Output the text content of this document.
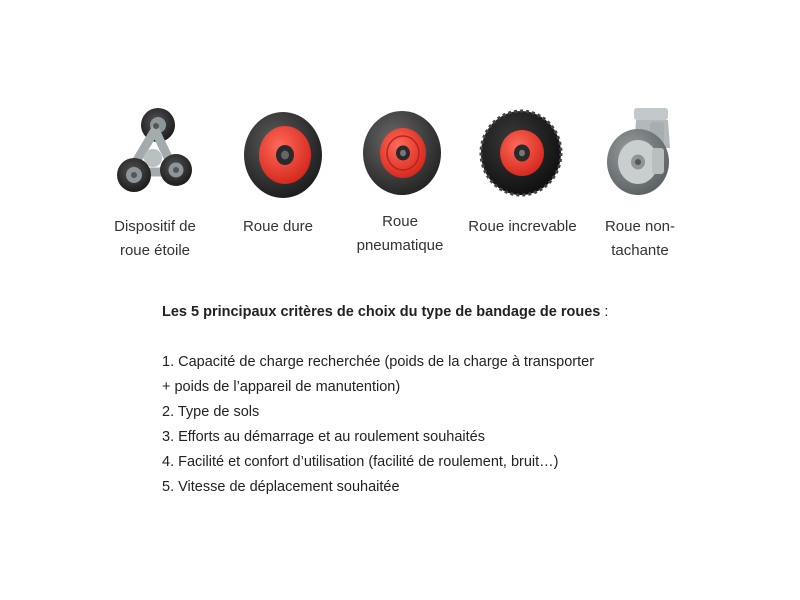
Dispositif de
roue étoile
Roue dure	Roue
pneumatique
Roue increvable	Roue non-
tachante

Les 5 principaux critères de choix du type de bandage de roues :

1. Capacité de charge recherchée (poids de la charge à transporter
+ poids de l’appareil de manutention)
2. Type de sols
3. Efforts au démarrage et au roulement souhaités
4. Facilité et confort d’utilisation (facilité de roulement, bruit…)
5. Vitesse de déplacement souhaitée
